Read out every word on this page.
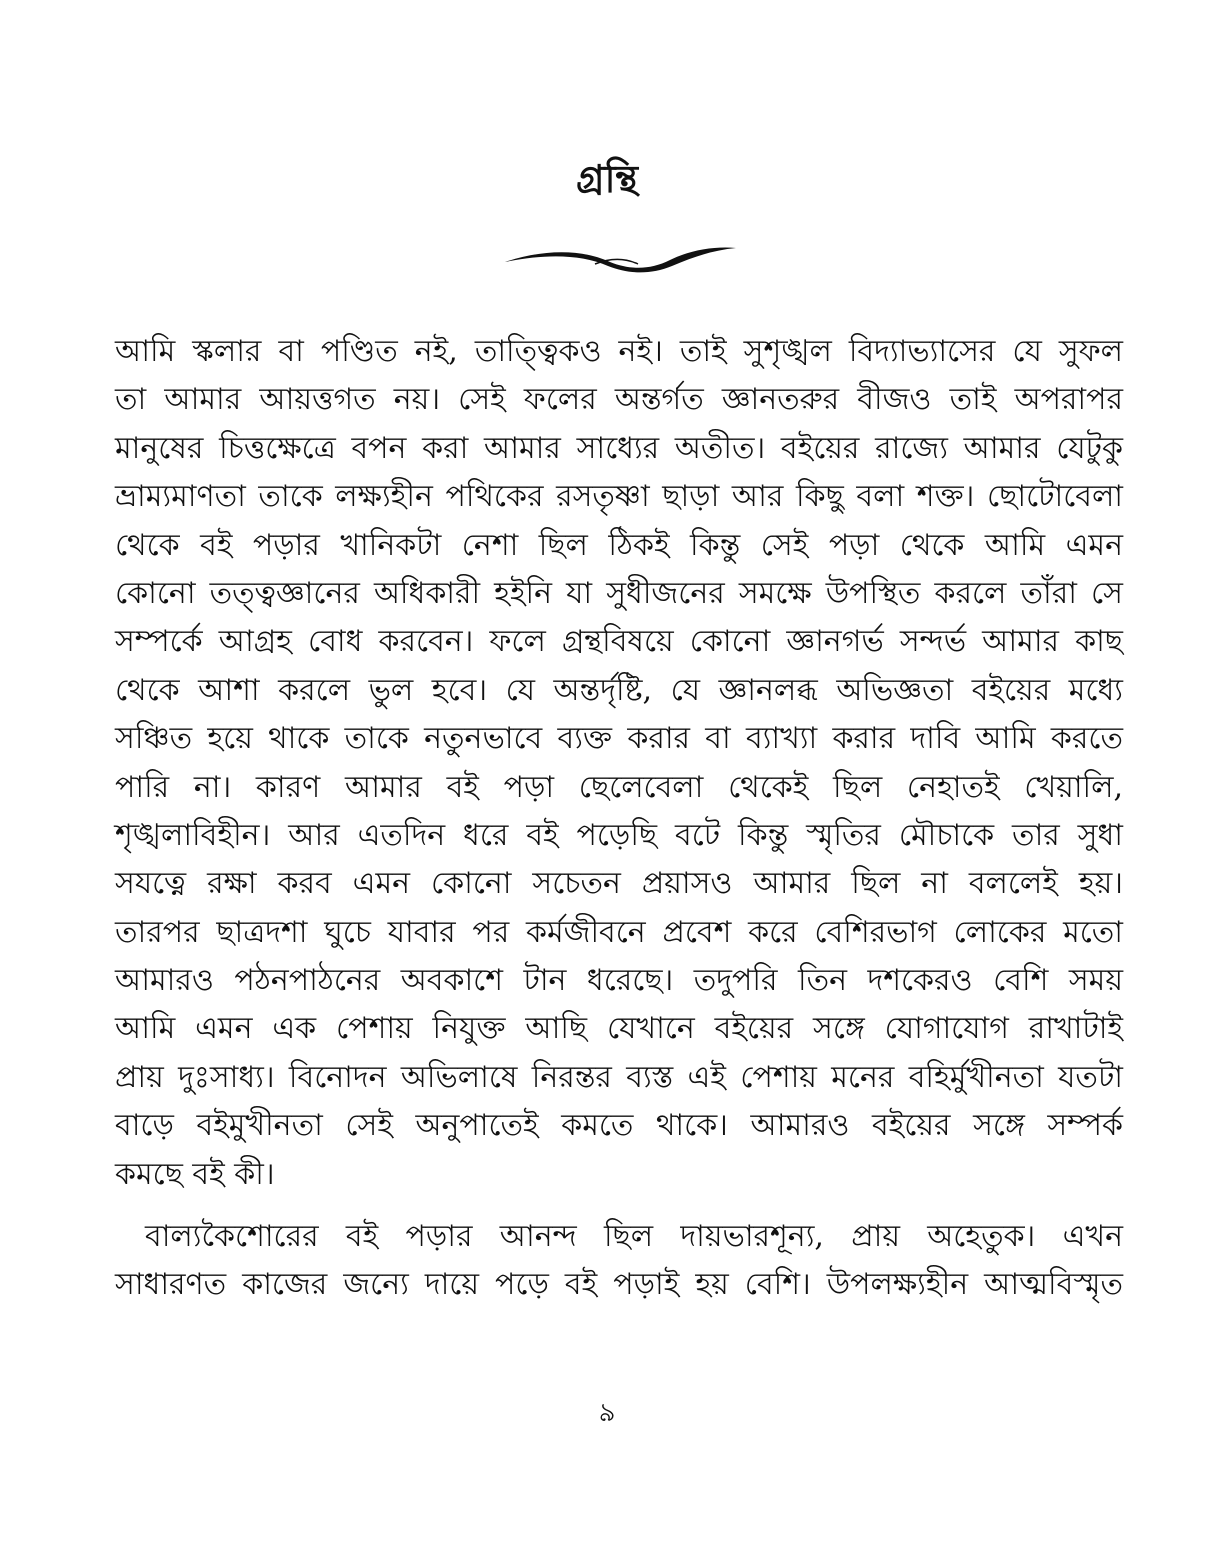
গ্রন্থি
আমি স্কলার বা পণ্ডিত নই, তাত্ত্বিকও নই। তাই সুশৃঙ্খল বিদ্যাভ্যাসের যে সুফল
তা আমার আয়ত্তগত নয়। সেই ফলের অন্তর্গত জ্ঞানতরুর বীজও তাই অপরাপর
মানুষের চিত্তক্ষেত্রে বপন করা আমার সাধ্যের অতীত। বইয়ের রাজ্যে আমার যেটুকু
ভ্রাম্যমাণতা তাকে লক্ষ্যহীন পথিকের রসতৃষ্ণা ছাড়া আর কিছু বলা শক্ত। ছোটোবেলা
থেকে বই পড়ার খানিকটা নেশা ছিল ঠিকই কিন্তু সেই পড়া থেকে আমি এমন
কোনো তত্ত্বজ্ঞানের অধিকারী হইনি যা সুধীজনের সমক্ষে উপস্থিত করলে তাঁরা সে
সম্পর্কে আগ্রহ বোধ করবেন। ফলে গ্রন্থবিষয়ে কোনো জ্ঞানগর্ভ সন্দর্ভ আমার কাছ
থেকে আশা করলে ভুল হবে। যে অন্তর্দৃষ্টি, যে জ্ঞানলব্ধ অভিজ্ঞতা বইয়ের মধ্যে
সঞ্চিত হয়ে থাকে তাকে নতুনভাবে ব্যক্ত করার বা ব্যাখ্যা করার দাবি আমি করতে
পারি না। কারণ আমার বই পড়া ছেলেবেলা থেকেই ছিল নেহাতই খেয়ালি,
শৃঙ্খলাবিহীন। আর এতদিন ধরে বই পড়েছি বটে কিন্তু স্মৃতির মৌচাকে তার সুধা
সযত্নে রক্ষা করব এমন কোনো সচেতন প্রয়াসও আমার ছিল না বললেই হয়।
তারপর ছাত্রদশা ঘুচে যাবার পর কর্মজীবনে প্রবেশ করে বেশিরভাগ লোকের মতো
আমারও পঠনপাঠনের অবকাশে টান ধরেছে। তদুপরি তিন দশকেরও বেশি সময়
আমি এমন এক পেশায় নিযুক্ত আছি যেখানে বইয়ের সঙ্গে যোগাযোগ রাখাটাই
প্রায় দুঃসাধ্য। বিনোদন অভিলাষে নিরন্তর ব্যস্ত এই পেশায় মনের বহির্মুখীনতা যতটা
বাড়ে বইমুখীনতা সেই অনুপাতেই কমতে থাকে। আমারও বইয়ের সঙ্গে সম্পর্ক
কমছে বই কী।
বাল্যকৈশোরের বই পড়ার আনন্দ ছিল দায়ভারশূন্য, প্রায় অহেতুক। এখন
সাধারণত কাজের জন্যে দায়ে পড়ে বই পড়াই হয় বেশি। উপলক্ষ্যহীন আত্মবিস্মৃত
৯
